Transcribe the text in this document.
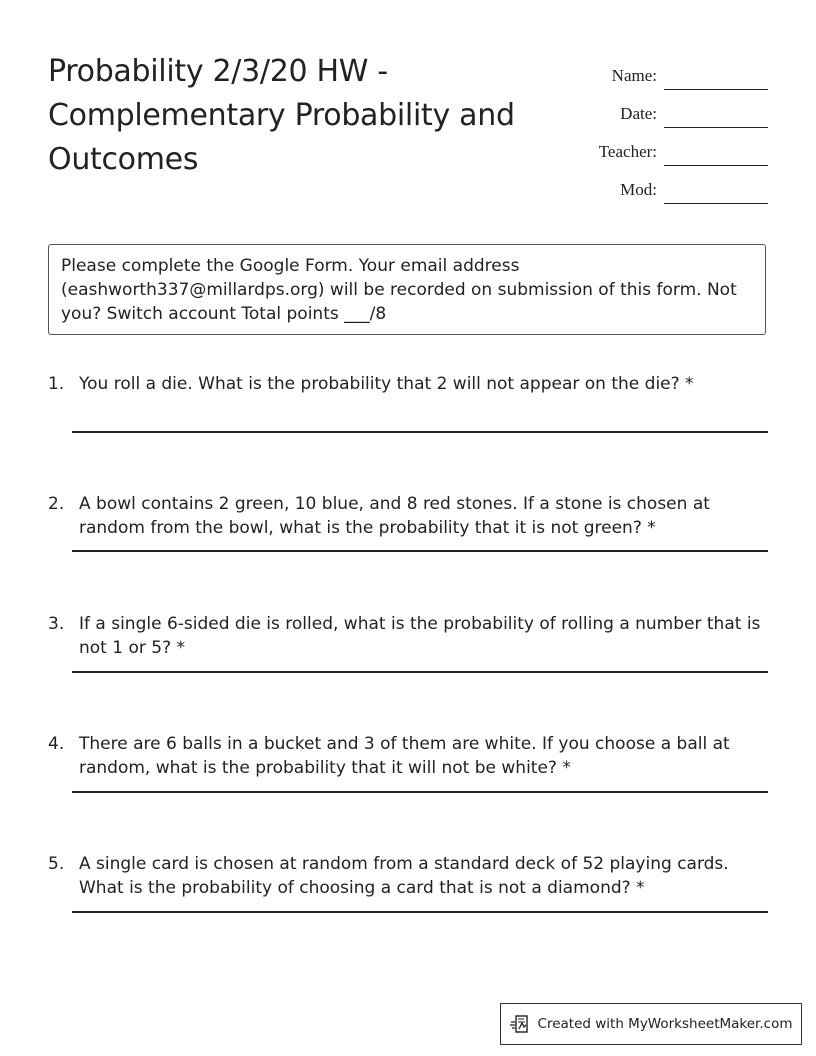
Probability 2/3/20 HW - Complementary Probability and Outcomes
Name:
Date:
Teacher:
Mod:
Please complete the Google Form. Your email address (eashworth337@millardps.org) will be recorded on submission of this form. Not you? Switch account Total points ___/8
1. You roll a die. What is the probability that 2 will not appear on the die? *
2. A bowl contains 2 green, 10 blue, and 8 red stones. If a stone is chosen at random from the bowl, what is the probability that it is not green? *
3. If a single 6-sided die is rolled, what is the probability of rolling a number that is not 1 or 5? *
4. There are 6 balls in a bucket and 3 of them are white. If you choose a ball at random, what is the probability that it will not be white? *
5. A single card is chosen at random from a standard deck of 52 playing cards. What is the probability of choosing a card that is not a diamond? *
Created with MyWorksheetMaker.com
